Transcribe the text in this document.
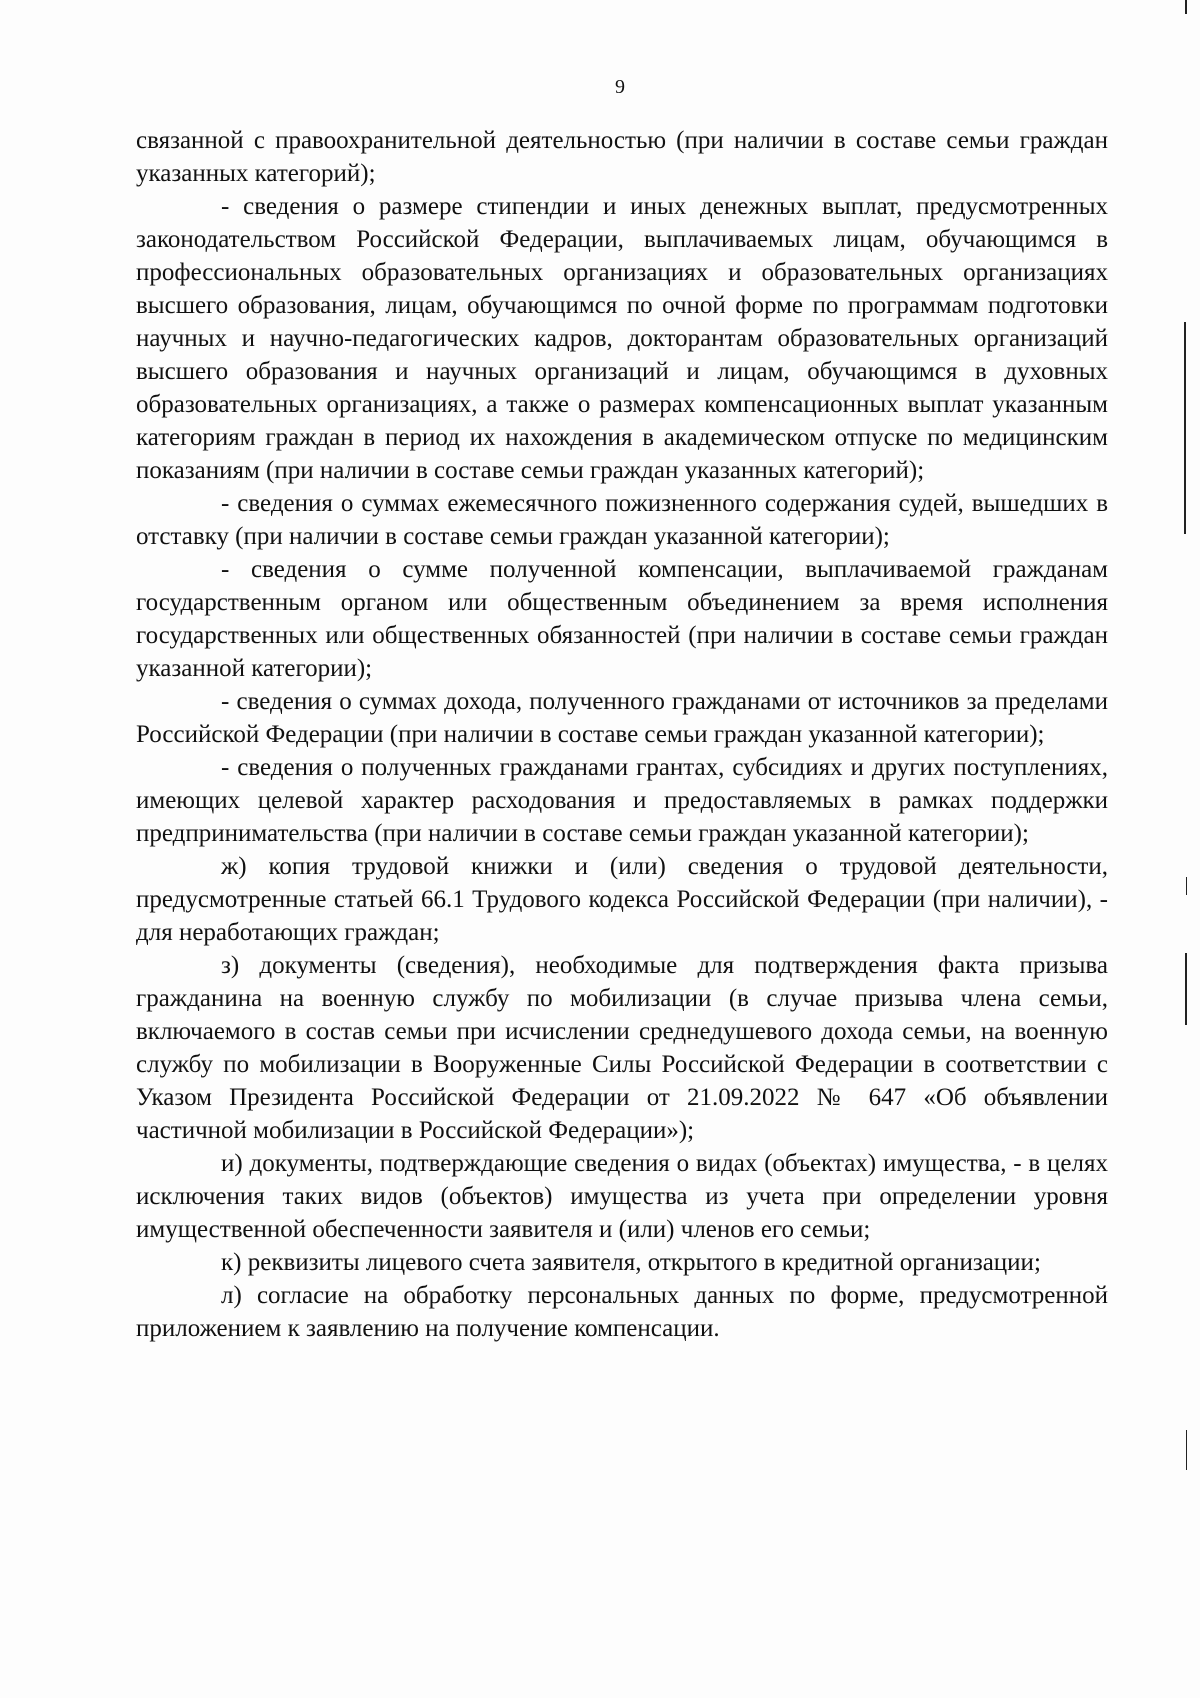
9

связанной с правоохранительной деятельностью (при наличии в составе семьи граждан указанных категорий);

- сведения о размере стипендии и иных денежных выплат, предусмотренных законодательством Российской Федерации, выплачиваемых лицам, обучающимся в профессиональных образовательных организациях и образовательных организациях высшего образования, лицам, обучающимся по очной форме по программам подготовки научных и научно-педагогических кадров, докторантам образовательных организаций высшего образования и научных организаций и лицам, обучающимся в духовных образовательных организациях, а также о размерах компенсационных выплат указанным категориям граждан в период их нахождения в академическом отпуске по медицинским показаниям (при наличии в составе семьи граждан указанных категорий);

- сведения о суммах ежемесячного пожизненного содержания судей, вышедших в отставку (при наличии в составе семьи граждан указанной категории);

- сведения о сумме полученной компенсации, выплачиваемой гражданам государственным органом или общественным объединением за время исполнения государственных или общественных обязанностей (при наличии в составе семьи граждан указанной категории);

- сведения о суммах дохода, полученного гражданами от источников за пределами Российской Федерации (при наличии в составе семьи граждан указанной категории);

- сведения о полученных гражданами грантах, субсидиях и других поступлениях, имеющих целевой характер расходования и предоставляемых в рамках поддержки предпринимательства (при наличии в составе семьи граждан указанной категории);

ж) копия трудовой книжки и (или) сведения о трудовой деятельности, предусмотренные статьей 66.1 Трудового кодекса Российской Федерации (при наличии), - для неработающих граждан;

з) документы (сведения), необходимые для подтверждения факта призыва гражданина на военную службу по мобилизации (в случае призыва члена семьи, включаемого в состав семьи при исчислении среднедушевого дохода семьи, на военную службу по мобилизации в Вооруженные Силы Российской Федерации в соответствии с Указом Президента Российской Федерации от 21.09.2022 № 647 «Об объявлении частичной мобилизации в Российской Федерации»);

и) документы, подтверждающие сведения о видах (объектах) имущества, - в целях исключения таких видов (объектов) имущества из учета при определении уровня имущественной обеспеченности заявителя и (или) членов его семьи;

к) реквизиты лицевого счета заявителя, открытого в кредитной организации;

л) согласие на обработку персональных данных по форме, предусмотренной приложением к заявлению на получение компенсации.
